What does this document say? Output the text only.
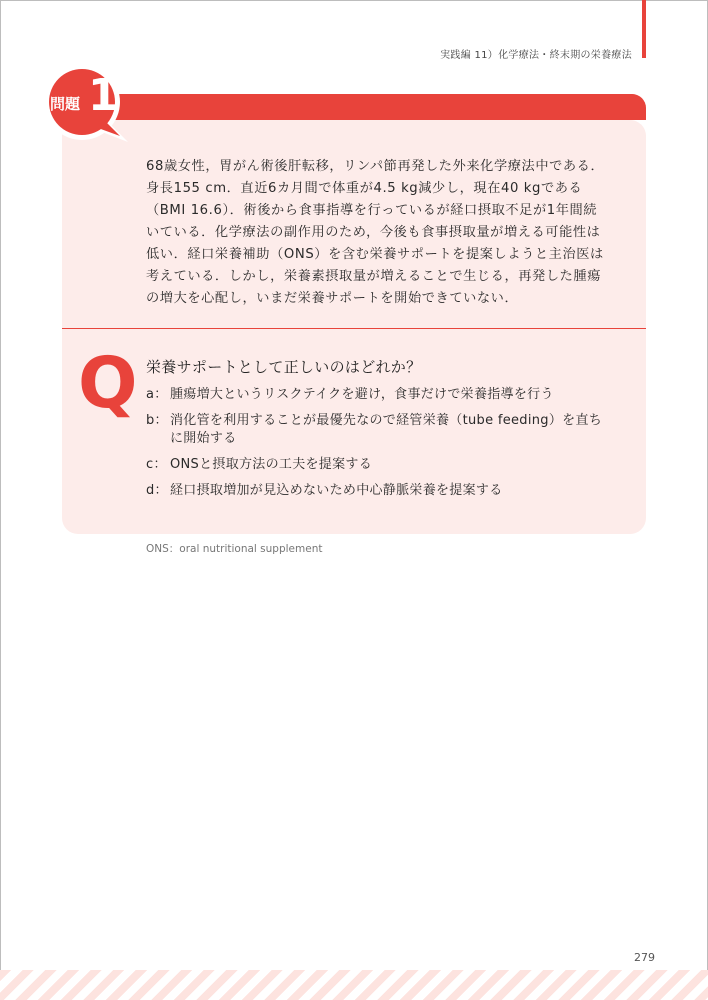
実践編 11）化学療法・終末期の栄養療法
問題 1
68歳女性，胃がん術後肝転移，リンパ節再発した外来化学療法中である．身長155 cm．直近6カ月間で体重が4.5 kg減少し，現在40 kgである（BMI 16.6）．術後から食事指導を行っているが経口摂取不足が1年間続いている．化学療法の副作用のため，今後も食事摂取量が増える可能性は低い．経口栄養補助（ONS）を含む栄養サポートを提案しようと主治医は考えている．しかし，栄養素摂取量が増えることで生じる，再発した腫瘍の増大を心配し，いまだ栄養サポートを開始できていない．
Q 栄養サポートとして正しいのはどれか？
a： 腫瘍増大というリスクテイクを避け，食事だけで栄養指導を行う
b： 消化管を利用することが最優先なので経管栄養（tube feeding）を直ちに開始する
c： ONSと摂取方法の工夫を提案する
d： 経口摂取増加が見込めないため中心静脈栄養を提案する
ONS：oral nutritional supplement
279
